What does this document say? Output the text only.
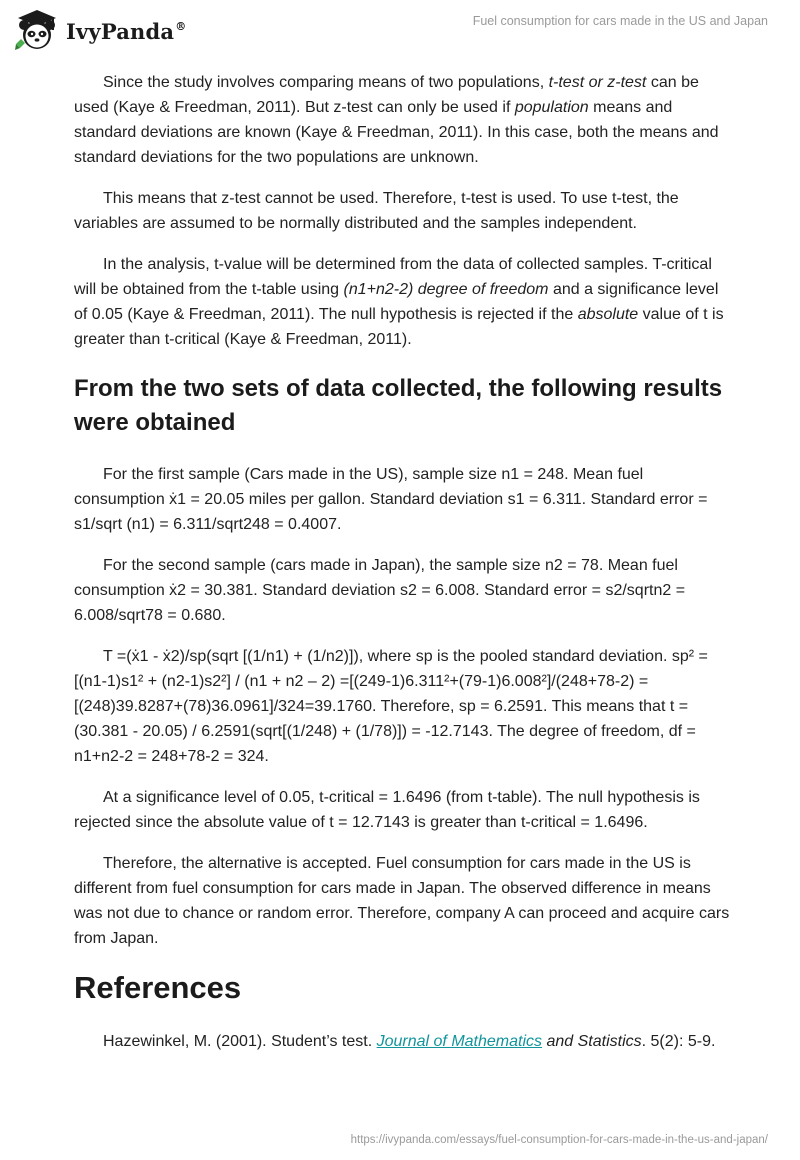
IvyPanda®	Fuel consumption for cars made in the US and Japan

Since the study involves comparing means of two populations, t-test or z-test can be used (Kaye & Freedman, 2011). But z-test can only be used if population means and standard deviations are known (Kaye & Freedman, 2011). In this case, both the means and standard deviations for the two populations are unknown.

This means that z-test cannot be used. Therefore, t-test is used. To use t-test, the variables are assumed to be normally distributed and the samples independent.

In the analysis, t-value will be determined from the data of collected samples. T-critical will be obtained from the t-table using (n1+n2-2) degree of freedom and a significance level of 0.05 (Kaye & Freedman, 2011). The null hypothesis is rejected if the absolute value of t is greater than t-critical (Kaye & Freedman, 2011).

From the two sets of data collected, the following results were obtained

For the first sample (Cars made in the US), sample size n1 = 248. Mean fuel consumption ẋ1 = 20.05 miles per gallon. Standard deviation s1 = 6.311. Standard error = s1/sqrt (n1) = 6.311/sqrt248 = 0.4007.

For the second sample (cars made in Japan), the sample size n2 = 78. Mean fuel consumption ẋ2 = 30.381. Standard deviation s2 = 6.008. Standard error = s2/sqrtn2 = 6.008/sqrt78 = 0.680.

T =(ẋ1 - ẋ2)/sp(sqrt [(1/n1) + (1/n2)]), where sp is the pooled standard deviation. sp² = [(n1-1)s1² + (n2-1)s2²] / (n1 + n2 – 2) =[(249-1)6.311²+(79-1)6.008²]/(248+78-2) =[(248)39.8287+(78)36.0961]/324=39.1760. Therefore, sp = 6.2591. This means that t = (30.381 - 20.05) / 6.2591(sqrt[(1/248) + (1/78)]) = -12.7143. The degree of freedom, df = n1+n2-2 = 248+78-2 = 324.

At a significance level of 0.05, t-critical = 1.6496 (from t-table). The null hypothesis is rejected since the absolute value of t = 12.7143 is greater than t-critical = 1.6496.

Therefore, the alternative is accepted. Fuel consumption for cars made in the US is different from fuel consumption for cars made in Japan. The observed difference in means was not due to chance or random error. Therefore, company A can proceed and acquire cars from Japan.

References

Hazewinkel, M. (2001). Student’s test. Journal of Mathematics and Statistics. 5(2): 5-9.

https://ivypanda.com/essays/fuel-consumption-for-cars-made-in-the-us-and-japan/
